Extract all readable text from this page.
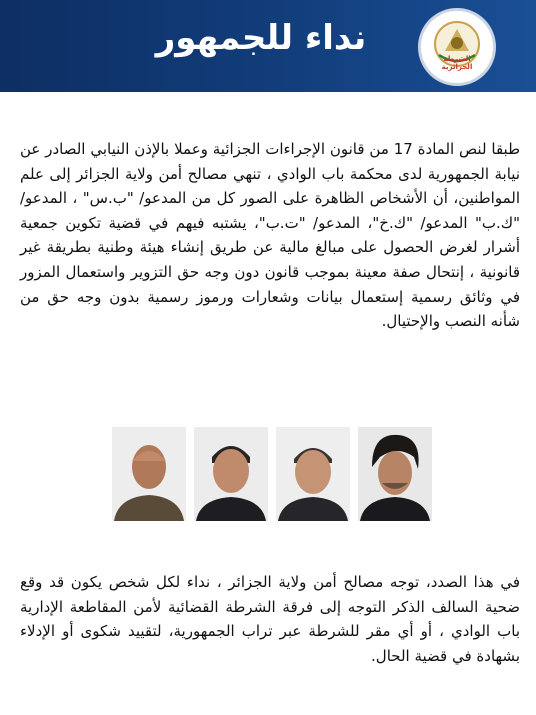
الشرطة الجزائرية
نداء للجمهور
طبقا لنص المادة 17 من قانون الإجراءات الجزائية وعملا بالإذن النيابي الصادر عن نيابة الجمهورية لدى محكمة باب الوادي ، تنهي مصالح أمن ولاية الجزائر إلى علم المواطنين، أن الأشخاص الظاهرة على الصور كل من المدعو/ "ب.س" ، المدعو/ "ك.ب" المدعو/ "ك.خ"، المدعو/ "ت.ب"، يشتبه فيهم في قضية تكوين جمعية أشرار لغرض الحصول على مبالغ مالية عن طريق إنشاء هيئة وطنية بطريقة غير قانونية ، إنتحال صفة معينة بموجب قانون دون وجه حق التزوير واستعمال المزور في وثائق رسمية إستعمال بيانات وشعارات ورموز رسمية بدون وجه حق من شأنه النصب والإحتيال.
في هذا الصدد، توجه مصالح أمن ولاية الجزائر ، نداء لكل شخص يكون قد وقع ضحية السالف الذكر التوجه إلى فرقة الشرطة القضائية لأمن المقاطعة الإدارية باب الوادي ، أو أي مقر للشرطة عبر تراب الجمهورية، لتقييد شكوى أو الإدلاء بشهادة في قضية الحال.
